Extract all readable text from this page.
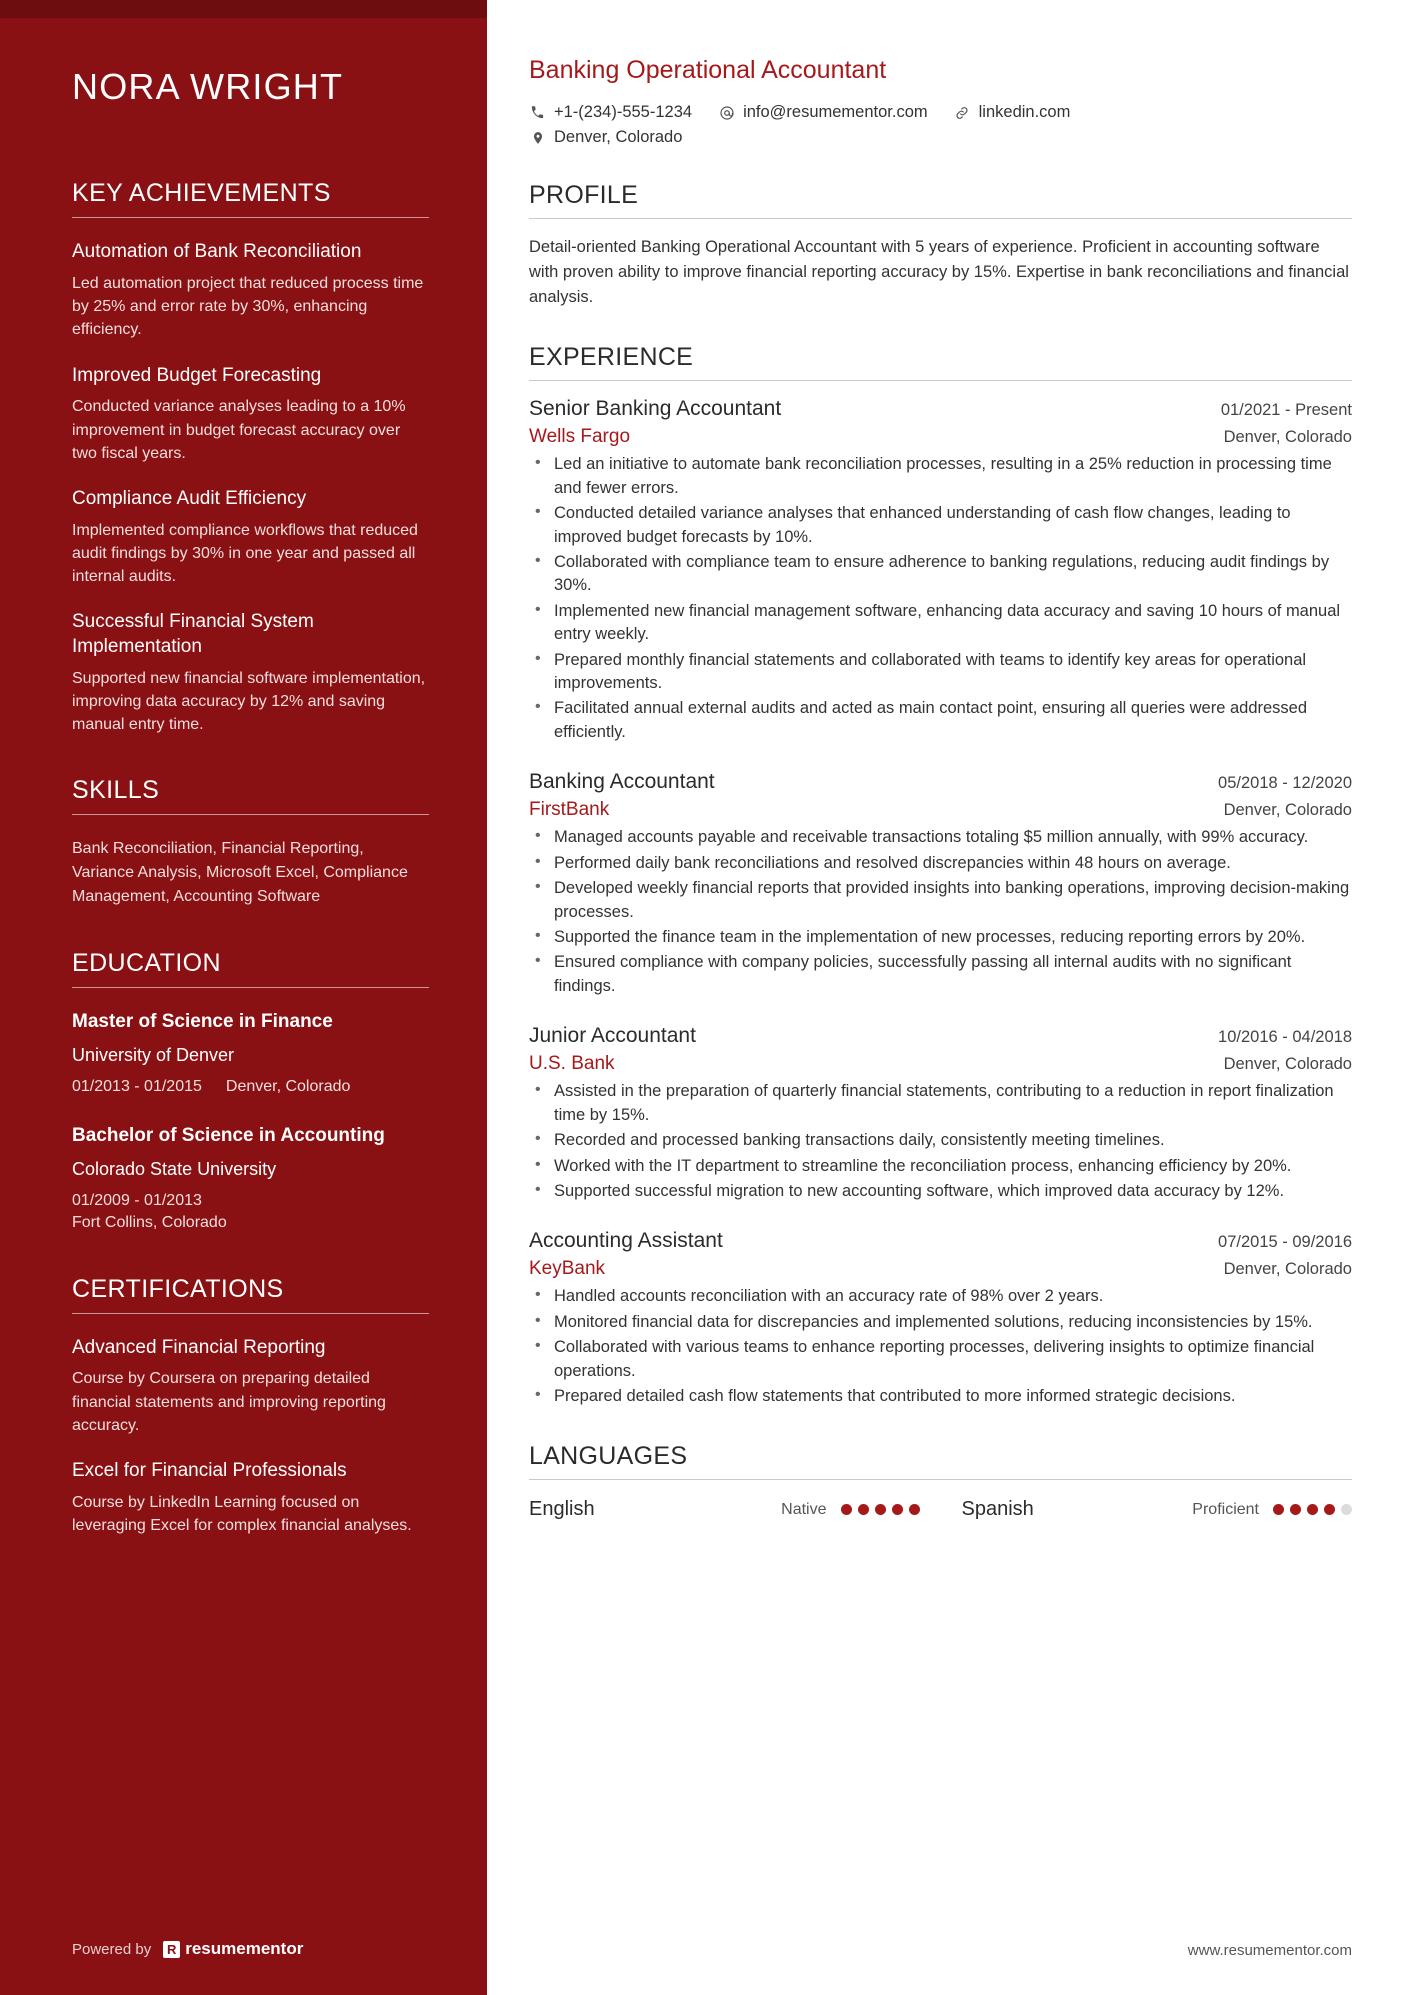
NORA WRIGHT
KEY ACHIEVEMENTS
Automation of Bank Reconciliation
Led automation project that reduced process time by 25% and error rate by 30%, enhancing efficiency.
Improved Budget Forecasting
Conducted variance analyses leading to a 10% improvement in budget forecast accuracy over two fiscal years.
Compliance Audit Efficiency
Implemented compliance workflows that reduced audit findings by 30% in one year and passed all internal audits.
Successful Financial System Implementation
Supported new financial software implementation, improving data accuracy by 12% and saving manual entry time.
SKILLS
Bank Reconciliation, Financial Reporting, Variance Analysis, Microsoft Excel, Compliance Management, Accounting Software
EDUCATION
Master of Science in Finance
University of Denver
01/2013 - 01/2015 Denver, Colorado
Bachelor of Science in Accounting
Colorado State University
01/2009 - 01/2013
Fort Collins, Colorado
CERTIFICATIONS
Advanced Financial Reporting
Course by Coursera on preparing detailed financial statements and improving reporting accuracy.
Excel for Financial Professionals
Course by LinkedIn Learning focused on leveraging Excel for complex financial analyses.
Powered by R resumementor
Banking Operational Accountant
+1-(234)-555-1234	info@resumementor.com	linkedin.com
Denver, Colorado
PROFILE

Detail-oriented Banking Operational Accountant with 5 years of experience. Proficient in accounting software with proven ability to improve financial reporting accuracy by 15%. Expertise in bank reconciliations and financial analysis.

EXPERIENCE
Senior Banking Accountant	01/2021 - Present
Wells Fargo	Denver, Colorado
• Led an initiative to automate bank reconciliation processes, resulting in a 25% reduction in processing time and fewer errors.
• Conducted detailed variance analyses that enhanced understanding of cash flow changes, leading to improved budget forecasts by 10%.
• Collaborated with compliance team to ensure adherence to banking regulations, reducing audit findings by 30%.
• Implemented new financial management software, enhancing data accuracy and saving 10 hours of manual entry weekly.
• Prepared monthly financial statements and collaborated with teams to identify key areas for operational improvements.
• Facilitated annual external audits and acted as main contact point, ensuring all queries were addressed efficiently.
Banking Accountant	05/2018 - 12/2020
FirstBank	Denver, Colorado
• Managed accounts payable and receivable transactions totaling $5 million annually, with 99% accuracy.
• Performed daily bank reconciliations and resolved discrepancies within 48 hours on average.
• Developed weekly financial reports that provided insights into banking operations, improving decision-making processes.
• Supported the finance team in the implementation of new processes, reducing reporting errors by 20%.
• Ensured compliance with company policies, successfully passing all internal audits with no significant findings.
Junior Accountant	10/2016 - 04/2018
U.S. Bank	Denver, Colorado
• Assisted in the preparation of quarterly financial statements, contributing to a reduction in report finalization time by 15%.
• Recorded and processed banking transactions daily, consistently meeting timelines.
• Worked with the IT department to streamline the reconciliation process, enhancing efficiency by 20%.
• Supported successful migration to new accounting software, which improved data accuracy by 12%.
Accounting Assistant	07/2015 - 09/2016
KeyBank	Denver, Colorado
• Handled accounts reconciliation with an accuracy rate of 98% over 2 years.
• Monitored financial data for discrepancies and implemented solutions, reducing inconsistencies by 15%.
• Collaborated with various teams to enhance reporting processes, delivering insights to optimize financial operations.
• Prepared detailed cash flow statements that contributed to more informed strategic decisions.
LANGUAGES
English	Native	Spanish	Proficient
www.resumementor.com
